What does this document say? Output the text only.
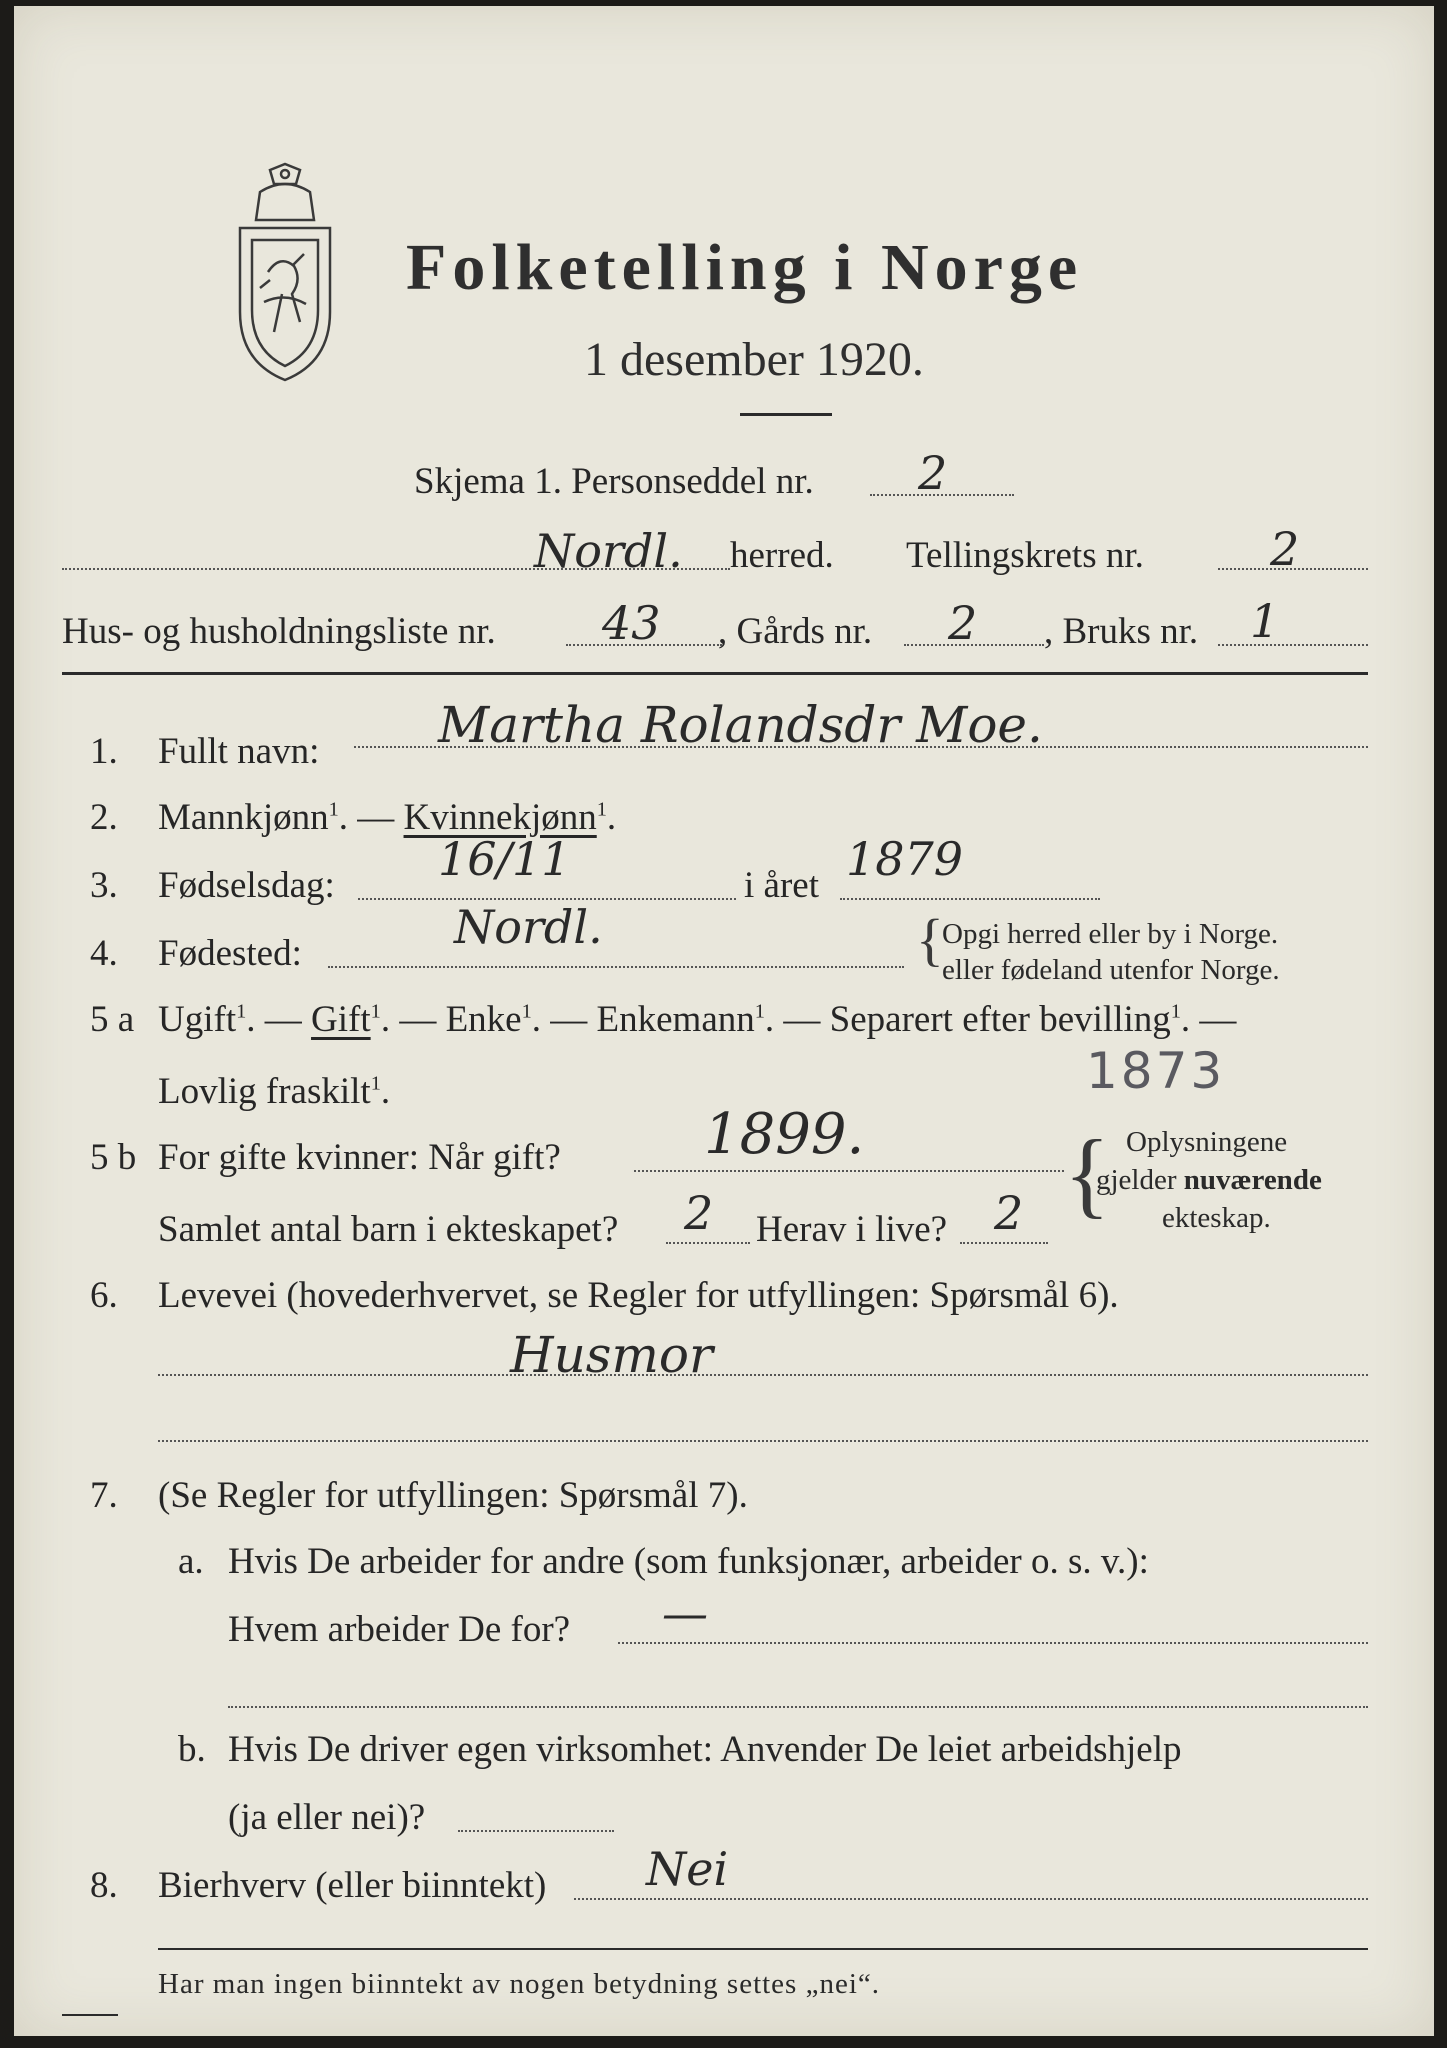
Folketelling i Norge
1 desember 1920.
Skjema 1. Personseddel nr. 2
Nordl. herred. Tellingskrets nr.	2
Hus- og husholdningsliste nr. 43 , Gårds nr. 2 , Bruks nr. 1
1. Fullt navn: Martha Rolandsdr Moe.
2. Mannkjønn$^1$. — Kvinnekjønn$^1$.
3. Fødselsdag: 16/11	i året 1879
4. Fødested:	Nordl.	{
Opgi herred eller by i Norge.
eller fødeland utenfor Norge.
5 a Ugift$^1$. — Gift$^1$. — Enke$^1$. — Enkemann$^1$. — Separert efter bevilling$^1$. —
Lovlig fraskilt$^1$.	1873
5 b For gifte kvinner: Når gift?	1899.
Samlet antal barn i ekteskapet? 2 Herav i live? 2 { Oplysningene
gjelder nuværende
ekteskap.
6. Levevei (hovederhvervet, se Regler for utfyllingen: Spørsmål 6).
Husmor
7. (Se Regler for utfyllingen: Spørsmål 7).
a. Hvis De arbeider for andre (som funksjonær, arbeider o. s. v.):
Hvem arbeider De for? —
b. Hvis De driver egen virksomhet: Anvender De leiet arbeidshjelp
(ja eller nei)?
8. Bierhverv (eller biinntekt) Nei
Har man ingen biinntekt av nogen betydning settes „nei“.
